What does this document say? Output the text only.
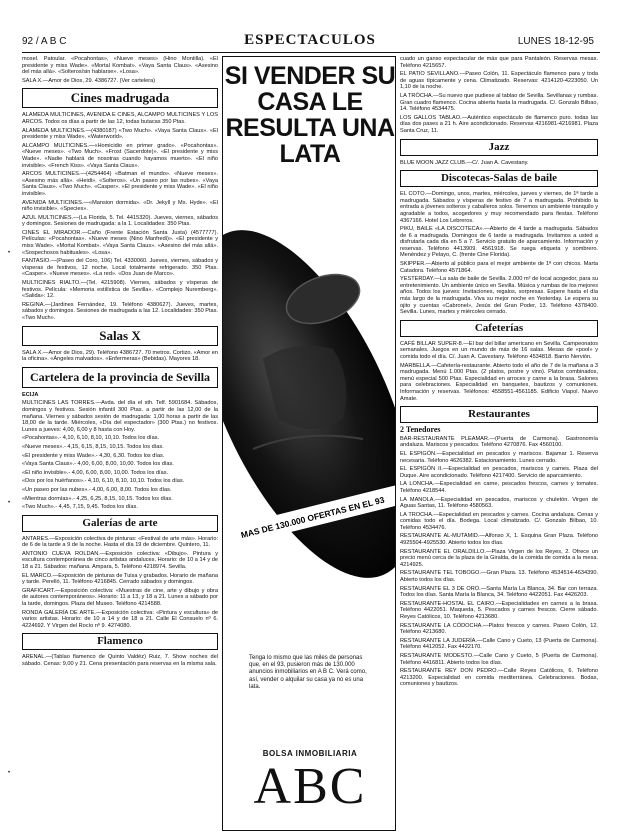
92 / A B C	ESPECTACULOS	LUNES 18-12-95

mosel. Patoular. «Pocahontas», «Nueve meses» (Hino Montilla). «El presidente y miss Wade». «Mortal Kombat». «Vaya Santa Claus». «Asesino del más allá». «Solteros/sin hablarse». «Losa».

SALA X.—Amor de Dios, 29. 4386727. (Ver cartelera)

Cines madrugada

ALAMEDA MULTICINES, AVENIDA E CINES, ALCAMPO MULTICINES Y LOS ARCOS. Todos os días a partir de las 12, todas butacas 350 Ptas.

ALAMEDA MULTICINES.—(4380187) «Two Much». «Vaya Santa Claus». «El presidente y miss Wade». «Waterworld».

ALCAMPO MULTICINES.—«Homicidio en primer grado». «Pocahontas». «Nueve meses». «Two Much». «Frost (Sacerdote)». «El presidente y miss Wade». «Nadie hablará de nosotras cuando hayamos muerto». «El niño invisible». «French Kiss». «Vaya Santa Claus».

ARCOS MULTICINES.—(4254464) «Batman el mundo». «Nueve meses». «Asesino más allá». «Heidi». «Solteros». «Un paseo por las nubes». «Vaya Santa Claus». «Two Much». «Casper». «El presidente y miss Wade». «El niño invisible».

AVENIDA MULTICINES.—«Mansion dormida». «Dr. Jekyll y Ms. Hyde». «El niño invisible». «Species».

AZUL MULTICINES.—(La Florida, 5. Tel. 4415320). Jueves, viernes, sábados y domingos. Sesiones de madrugada: a la 1. Localidades: 350 Ptas.

CINES EL MIRADOR.—Caño (Frente Estación Santa Justa) (4577777). Películas: «Pocahontas». «Nueve meses (Nino Manfredi)». «El presidente y miss Wade». «Mortal Kombat». «Vaya Santa Claus». «Asesino del más allá». «Sospechosos habituales». «Losa».

FANTASIO.—(Paseo del Coro, 106) Tel. 4330060. Jueves, viernes, sábados y vísperas de festivos, 12 noche. Local totalmente refrigerado. 350 Ptas. «Casper». «Nueve meses». «La red». «Dos Juan de Marco».

MULTICINES RIALTO.—(Tel. 4215908). Viernes, sábados y vísperas de festivos. Película: «Memoria estilística de Sevilla». «Complejo Nuremberg». «Salida»: 12.

REGINA.—(Jardines Fernández, 19. Teléfono 4380627). Jueves, martes, sábados y domingos. Sesiones de madrugada a las 12. Localidades: 350 Ptas. «Two Much».

Salas X

SALA X.—Amor de Dios, 29). Teléfono 4386727. 70 metros. Cortizo. «Amor en la oficina». «Ángeles malvados». «Enfermeras» (Bebidas). Mayores 18.

Cartelera de la provincia de Sevilla

ECIJA

MULTICINES LAS TORRES.—Avda. del día el sth. Telf. 5901684. Sábados, domingos y festivos. Sesión infantil 300 Ptas. a partir de las 12,00 de la mañana. Viernes y sábados sesión de madrugada: 1,00 horas a partir de las 18,00 de la tarde. Miércoles, «Día del espectador» (300 Ptas.) no festivos. Lunes a jueves: 4,00, 6,00 y 8 hasta con Hoy.

«Pocahontas».- 4,10, 6,10, 8,10, 10,10. Todos los días.

«Nueve meses».- 4,15, 6,15, 8,15, 10,15. Todos los días.

«El presidente y miss Wade».- 4,30, 6,30. Todos los días.

«Vaya Santa Claus».- 4,00, 6,00, 8,00, 10,00. Todos los días.

«El niño invisible».- 4,00, 6,00, 8,00, 10,00. Todos los días.

«Dos por los huérfanos».- 4,10, 6,10, 8,10, 10,10. Todos los días.

«Un paseo por las nubes».- 4,00, 6,00, 8,00. Todos los días.

«Mientras dormías».- 4,25, 6,25, 8,15, 10,15. Todos los días.

«Two Much».- 4,45, 7,15, 9,45. Todos los días.

Galerías de arte

ANTARES.—Exposición colectiva de pinturas: «Festival de arte más». Horario: de 6 de la tarde a 9 de la noche. Hasta el día 19 de diciembre. Quintero, 11.

ANTONIO CUEVA ROLDAN.—Exposición colectiva: «Dibujo». Pintura y escultura contemporánea de cinco artistas andaluces. Horario: de 10 a 14 y de 18 a 21. Sábados: mañana. Ampara, 5. Teléfono 4218974. Sevilla.

EL MARCO.—Exposición de pinturas de Tuisa y grabados. Horario de mañana y tarde. Perelló, 11. Teléfono 4216845. Cerrado sábados y domingos.

GRAFICART.—Exposición colectiva: «Muestras de cine, arte y dibujo y obra de autores contemporáneos». Horario: 11 a 13, y 18 a 21. Lunes a sábado por la tarde, domingos. Plaza del Museo. Teléfono 4214588.

RONDA GALERÍA DE ARTE.—Exposición colectiva: «Pintura y escultura» de varios artistas. Horario: de 10 a 14 y de 18 a 21. Calle El Consuelo nº 6. 4224692. Y Virgen del Rocío nº 9. 4274080.

Flamenco

ARENAL.—(Tablao flamenco de Quinto Valdéz) Ruiz, 7. Show noches del sábado. Cenas: 9,00 y 21. Cena presentación para reservas en la misma sala.

SI VENDER SU CASA LE RESULTA UNA LATA
MAS DE 130.000 OFERTAS EN EL 93
Tenga lo mismo que las miles de personas que, en el 93, pusieron más de 130.000 anuncios inmobiliarios en A B C. Verá como, así, vender o alquilar su casa ya no es una lata.
BOLSA INMOBILIARIA
ABC

cuado un ganso espectacular de más que para Pantaleón. Reservas mesas. Teléfono 4215657.

EL PATIO SEVILLANO.—Paseo Colón, 11. Espectáculo flamenco para y toda de aguas típicamente y cena. Climatizado. Reservas: 4214120-4223050. Un 1,10 de la noche.

LA TRÓCHA.—Su nuevo que pudiese al tablao de Sevilla. Sevillanas y rumbas. Gran cuadro flamenco. Cocina abierta hasta la madrugada. C/. Gonzalo Bilbao, 14. Teléfono 4534475.

LOS GALLOS TABLAO.—Auténtico espectáculo de flamenco puro. todas las días dos pases a 21 h. Aire acondicionado. Reservas 4216981-4216981. Plaza Santa Cruz, 11.

Jazz

BLUE MOON JAZZ CLUB.—C/. Juan A. Cavestany.

Discotecas-Salas de baile

EL COTO.—Domingo, unos, martes, miércoles, jueves y viernes, de 1ª tarde a madrugada. Sábados y vísperas de festivo de 7 a madrugada. Prohibido la entrada a jóvenes solteros y caballeros solos. Tenemos un ambiente tranquilo y agradable a todos, acogedores y muy recomendado para fiestas. Teléfono 4367166. Hotel Los Lebreros.

PIKU, BAILE «LA DISCOTECA».—Abierto de 4 tarde a madrugada. Sábados de 6 a madrugada. Domingos de 6 tarde a madrugada. Invitamos a usted a disfrutarla cada día en 5 a 7. Servicio gratuito de aparcamiento. Información y reservas. Teléfono 4413909. 4561918. Se ruega etiqueta y sombrero. Menéndez y Pelayo, C. (frente Cine Florida).

SKIPPER.—Abierto al público para el mejor ambiente de 1ª con chicos. Marta Catadora. Teléfono 4571864.

YESTERDAY.—La sala de baile de Sevilla. 2.000 m² de local acogedor, para su entretenimiento. Un ambiente único en Sevilla. Música y rumbas de los mejores años. Todos los jueves: Invitaciones, regalos, sorpresas. Espere hasta el día más largo de la madrugada. Viva su mejor noche en Yesterday. Le espera su ojito y cuentas «Cabronel», Jesús del Gran Poder, 13. Teléfono 4378400. Sevilla. Lunes, martes y miércoles cerrado.

Cafeterías

CAFÉ BILLAR SUPER-8.—El bar del billar americano en Sevilla. Campeonatos semanales. Juegos en un mundo de más de 16 salas. Mesas de «pool» y comida todo el día. C/. Juan A. Cavestany. Teléfono 4534818. Barrio Nervión.

MARBELLA.—Cafetería-restaurante. Abierto todo el año de 7 de la mañana a 3 madrugada. Menú 1.000 Ptas. (2 platos, postre y vino). Platos combinados, menú especial 500 Ptas. Especialidad en arroces y carne a la brasa. Salones para celebraciones. Especialidad en banquetes, bautizos y comuniones. Información y reservas. Teléfonos: 4558551-4561185. Edificio Viapol. Nuevo Amate.

Restaurantes
2 Tenedores

BAR-RESTAURANTE PLEAMAR.—(Puerta de Carmona). Gastronomía andaluza. Mariscos y pescados. Teléfono 4270876. Fax 4560100.

EL ESPIGÓN.—Especialidad en pescados y mariscos. Bajamar 1. Reserva necesaria. Teléfono 4626382. Estacionamiento. Lunes cerrado.

EL ESPIGÓN II.—Especialidad en pescados, mariscos y carnes. Plaza del Duque. Aire acondicionado. Teléfono 4217400. Servicio de aparcamiento.

LA LONCHA.—Especialidad en carne, pescados frescos, carnes y tomates. Teléfono 4218544.

LA MANOLA.—Especialidad en pescados, mariscos y chuletón. Virgen de Aguas Santas, 11. Teléfono 4580563.

LA TROCHA.—Especialidad en pescados y carnes. Cocina andaluza. Cenas y comidas todo el día. Bodega. Local climatizado. C/. Gonzalo Bilbao, 10. Teléfono 4534476.

RESTAURANTE AL-MUTAMID.—Alfonso X, 1. Esquina Gran Plaza. Teléfono 4925504-4925530. Abierto todos los días.

RESTAURANTE EL ORALDILLO.—Plaza Virgen de los Reyes, 2. Ofrece un precio menú cerca de la plaza de la Giralda, de la comida de comida a la mesa. 4214925.

RESTAURANTE TEL TOBOGO.—Gran Plaza. 13. Teléfono 4534514-4634390. Abierto todos los días.

RESTAURANTE EL 3 DE ORO.—Santa María La Blanca, 34. Bar con terraza. Todos los días. Santa María la Blanca, 34. Teléfono 4422051. Fax 4426203.

RESTAURANTE-HOSTAL EL CAIRO.—Especialidades en carnes a la brasa. Teléfono 4422051. Maqueda, 5. Pescados y carnes frescos. Cierre sábado. Reyes Católicos, 10. Teléfono 4213680.

RESTAURANTE LA CÓDOCHA.—Platos frescos y carnes. Paseo Colón, 12. Teléfono 4213680.

RESTAURANTE LA JUDERÍA.—Calle Cano y Cueto, 13 (Puerta de Carmona). Teléfono 4412052. Fax 4422170.

RESTAURANTE MODESTO.—Calle Cano y Cueto, 5 (Puerta de Carmona). Teléfono 4416811. Abierto todos los días.

RESTAURANTE REY DON PEDRO.—Calle Reyes Católicos, 6. Teléfono 4213200. Especialidad en comida mediterránea. Celebraciones. Bodas, comuniones y bautizos.

•
•
•
